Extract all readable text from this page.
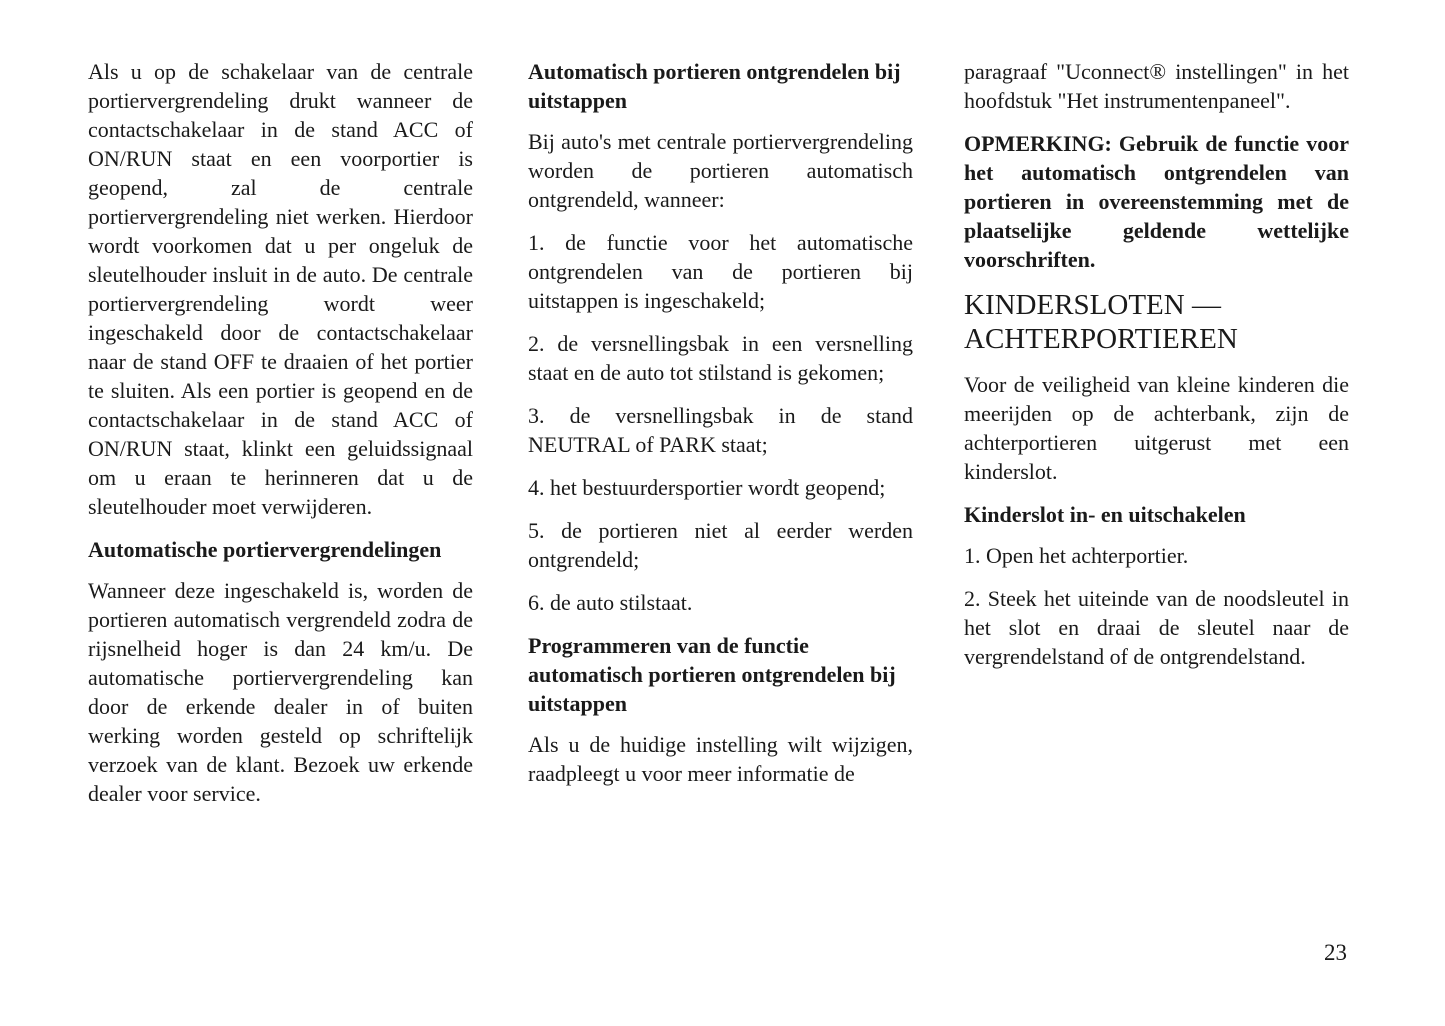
Als u op de schakelaar van de centrale portiervergrendeling drukt wanneer de contactschakelaar in de stand ACC of ON/RUN staat en een voorportier is geopend, zal de centrale portiervergrendeling niet werken. Hierdoor wordt voorkomen dat u per ongeluk de sleutelhouder insluit in de auto. De centrale portiervergrendeling wordt weer ingeschakeld door de contactschakelaar naar de stand OFF te draaien of het portier te sluiten. Als een portier is geopend en de contactschakelaar in de stand ACC of ON/RUN staat, klinkt een geluidssignaal om u eraan te herinneren dat u de sleutelhouder moet verwijderen.

Automatische portiervergrendelingen

Wanneer deze ingeschakeld is, worden de portieren automatisch vergrendeld zodra de rijsnelheid hoger is dan 24 km/u. De automatische portiervergrendeling kan door de erkende dealer in of buiten werking worden gesteld op schriftelijk verzoek van de klant. Bezoek uw erkende dealer voor service.

Automatisch portieren ontgrendelen bij uitstappen

Bij auto's met centrale portiervergrendeling worden de portieren automatisch ontgrendeld, wanneer:

1. de functie voor het automatische ontgrendelen van de portieren bij uitstappen is ingeschakeld;

2. de versnellingsbak in een versnelling staat en de auto tot stilstand is gekomen;

3. de versnellingsbak in de stand NEUTRAL of PARK staat;

4. het bestuurdersportier wordt geopend;

5. de portieren niet al eerder werden ontgrendeld;

6. de auto stilstaat.

Programmeren van de functie automatisch portieren ontgrendelen bij uitstappen

Als u de huidige instelling wilt wijzigen, raadpleegt u voor meer informatie de

paragraaf "Uconnect® instellingen" in het hoofdstuk "Het instrumentenpaneel".

OPMERKING: Gebruik de functie voor het automatisch ontgrendelen van portieren in overeenstemming met de plaatselijke geldende wettelijke voorschriften.

KINDERSLOTEN — ACHTERPORTIEREN

Voor de veiligheid van kleine kinderen die meerijden op de achterbank, zijn de achterportieren uitgerust met een kinderslot.

Kinderslot in- en uitschakelen

1. Open het achterportier.

2. Steek het uiteinde van de noodsleutel in het slot en draai de sleutel naar de vergrendelstand of de ontgrendelstand.

23
